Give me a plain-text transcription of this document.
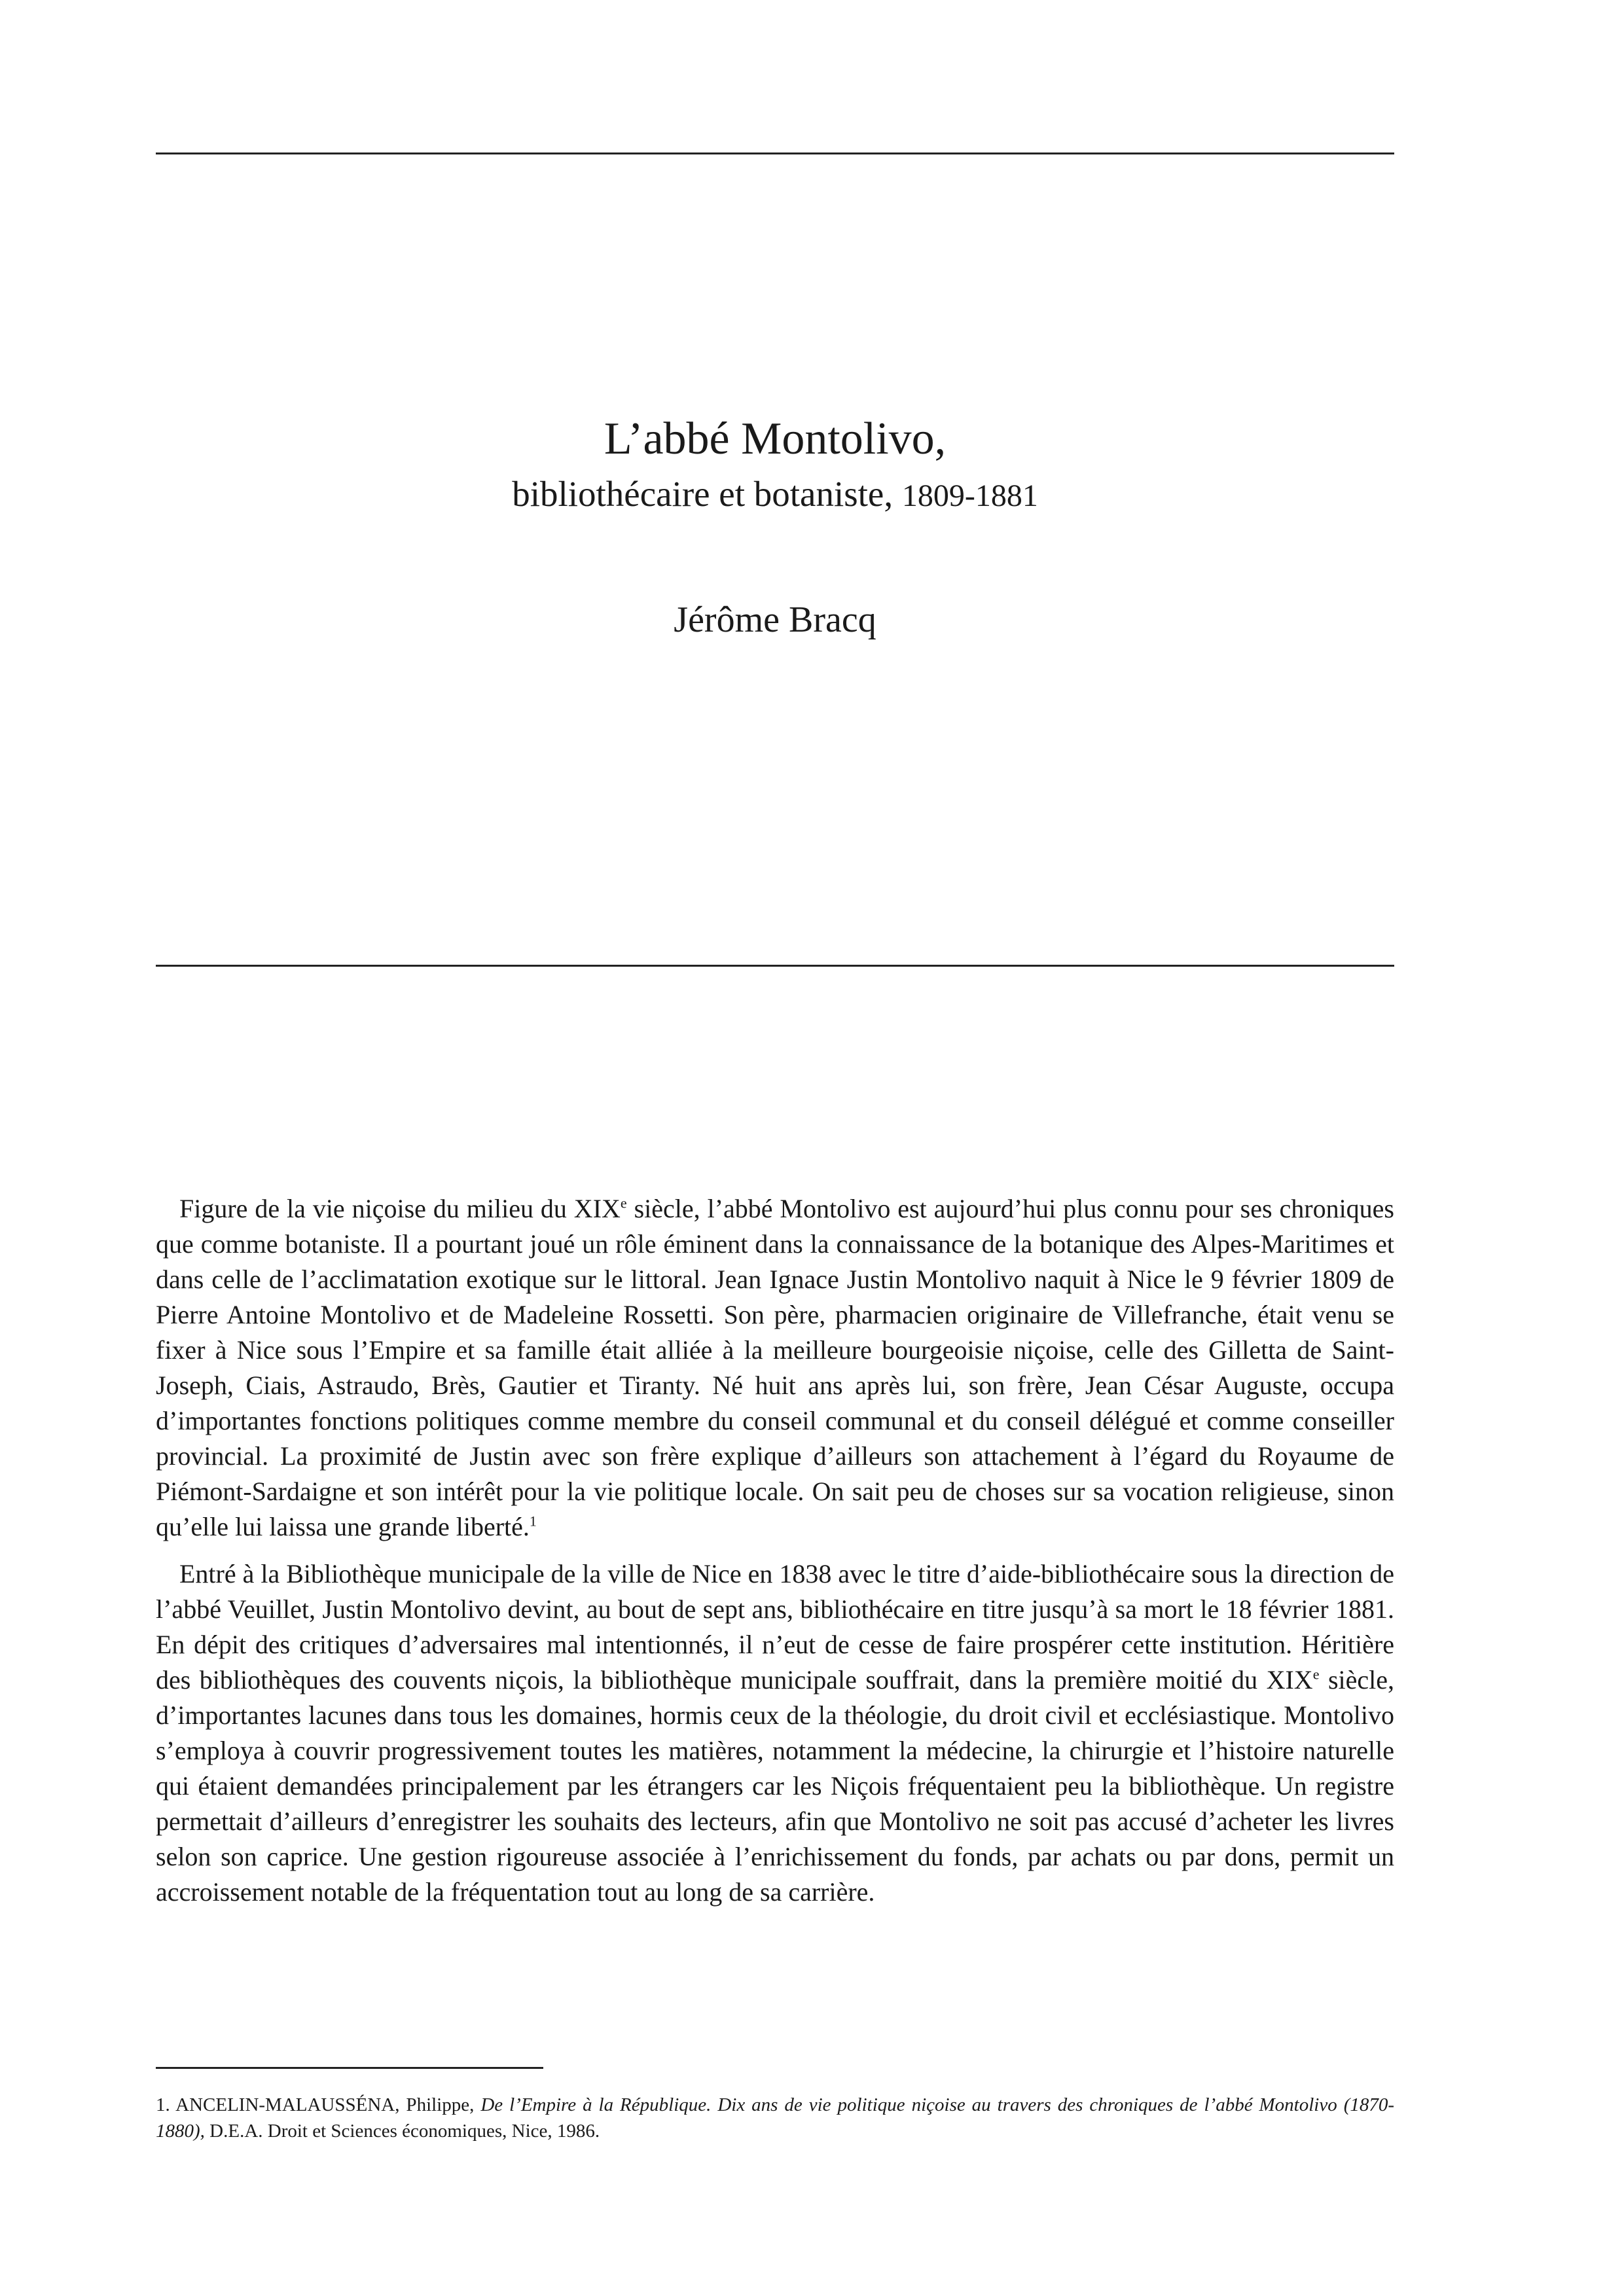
L’abbé Montolivo,
bibliothécaire et botaniste, 1809-1881
Jérôme Bracq

Figure de la vie niçoise du milieu du XIXe siècle, l’abbé Montolivo est aujourd’hui plus connu pour ses chroniques que comme botaniste. Il a pourtant joué un rôle éminent dans la connaissance de la botanique des Alpes-Maritimes et dans celle de l’acclimatation exotique sur le littoral. Jean Ignace Justin Montolivo naquit à Nice le 9 février 1809 de Pierre Antoine Montolivo et de Madeleine Rossetti. Son père, pharmacien originaire de Villefranche, était venu se fixer à Nice sous l’Empire et sa famille était alliée à la meilleure bourgeoisie niçoise, celle des Gilletta de Saint-Joseph, Ciais, Astraudo, Brès, Gautier et Tiranty. Né huit ans après lui, son frère, Jean César Auguste, occupa d’importantes fonctions politiques comme membre du conseil communal et du conseil délégué et comme conseiller provincial. La proximité de Justin avec son frère explique d’ailleurs son attachement à l’égard du Royaume de Piémont-Sardaigne et son intérêt pour la vie politique locale. On sait peu de choses sur sa vocation religieuse, sinon qu’elle lui laissa une grande liberté.$^1$

Entré à la Bibliothèque municipale de la ville de Nice en 1838 avec le titre d’aide-bibliothécaire sous la direction de l’abbé Veuillet, Justin Montolivo devint, au bout de sept ans, bibliothécaire en titre jusqu’à sa mort le 18 février 1881. En dépit des critiques d’adversaires mal intentionnés, il n’eut de cesse de faire prospérer cette institution. Héritière des bibliothèques des couvents niçois, la bibliothèque municipale souffrait, dans la première moitié du XIXe siècle, d’importantes lacunes dans tous les domaines, hormis ceux de la théologie, du droit civil et ecclésiastique. Montolivo s’employa à couvrir progressivement toutes les matières, notamment la médecine, la chirurgie et l’histoire naturelle qui étaient demandées principalement par les étrangers car les Niçois fréquentaient peu la bibliothèque. Un registre permettait d’ailleurs d’enregistrer les souhaits des lecteurs, afin que Montolivo ne soit pas accusé d’acheter les livres selon son caprice. Une gestion rigoureuse associée à l’enrichissement du fonds, par achats ou par dons, permit un accroissement notable de la fréquentation tout au long de sa carrière.

1. ANCELIN-MALAUSSÉNA, Philippe, De l’Empire à la République. Dix ans de vie politique niçoise au travers des chroniques de l’abbé Montolivo (1870-1880), D.E.A. Droit et Sciences économiques, Nice, 1986.
